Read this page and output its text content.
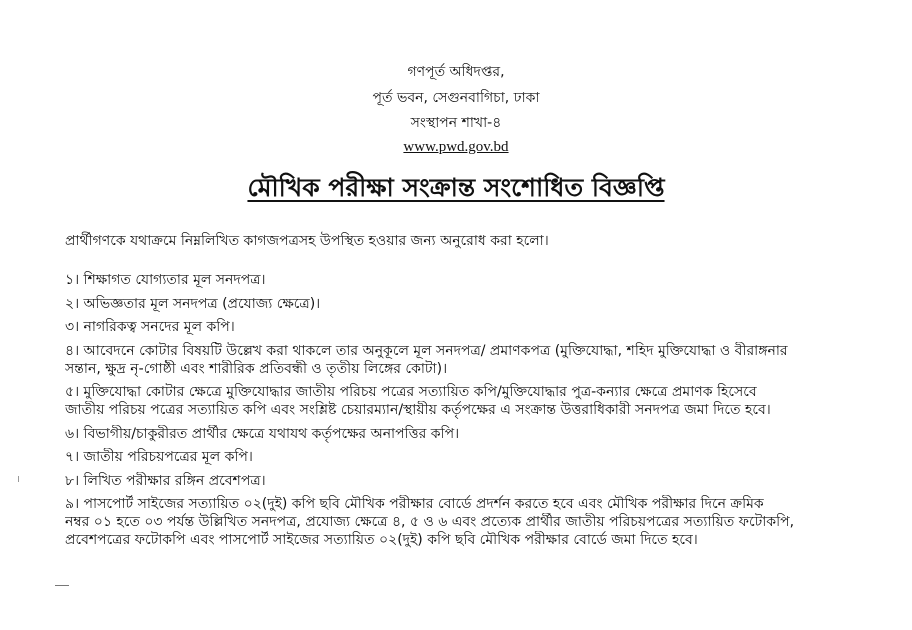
গণপূর্ত অধিদপ্তর,
পূর্ত ভবন, সেগুনবাগিচা, ঢাকা
সংস্থাপন শাখা-৪
www.pwd.gov.bd
মৌখিক পরীক্ষা সংক্রান্ত সংশোধিত বিজ্ঞপ্তি
প্রার্থীগণকে যথাক্রমে নিম্নলিখিত কাগজপত্রসহ উপস্থিত হওয়ার জন্য অনুরোধ করা হলো।
১। শিক্ষাগত যোগ্যতার মূল সনদপত্র।
২। অভিজ্ঞতার মূল সনদপত্র (প্রযোজ্য ক্ষেত্রে)।
৩। নাগরিকত্ব সনদের মূল কপি।
৪। আবেদনে কোটার বিষয়টি উল্লেখ করা থাকলে তার অনুকূলে মূল সনদপত্র/ প্রমাণকপত্র (মুক্তিযোদ্ধা, শহিদ মুক্তিযোদ্ধা ও বীরাঙ্গনার
সন্তান, ক্ষুদ্র নৃ-গোষ্ঠী এবং শারীরিক প্রতিবন্ধী ও তৃতীয় লিঙ্গের কোটা)।
৫। মুক্তিযোদ্ধা কোটার ক্ষেত্রে মুক্তিযোদ্ধার জাতীয় পরিচয় পত্রের সত্যায়িত কপি/মুক্তিযোদ্ধার পুত্র-কন্যার ক্ষেত্রে প্রমাণক হিসেবে
জাতীয় পরিচয় পত্রের সত্যায়িত কপি এবং সংশ্লিষ্ট চেয়ারম্যান/স্থায়ীয় কর্তৃপক্ষের এ সংক্রান্ত উত্তরাধিকারী সনদপত্র জমা দিতে হবে।
৬। বিভাগীয়/চাকুরীরত প্রার্থীর ক্ষেত্রে যথাযথ কর্তৃপক্ষের অনাপত্তির কপি।
৭। জাতীয় পরিচয়পত্রের মূল কপি।
৮। লিখিত পরীক্ষার রঙ্গিন প্রবেশপত্র।
৯। পাসপোর্ট সাইজের সত্যায়িত ০২(দুই) কপি ছবি মৌখিক পরীক্ষার বোর্ডে প্রদর্শন করতে হবে এবং মৌখিক পরীক্ষার দিনে ক্রমিক
নম্বর ০১ হতে ০৩ পর্যন্ত উল্লিখিত সনদপত্র, প্রযোজ্য ক্ষেত্রে ৪, ৫ ও ৬ এবং প্রত্যেক প্রার্থীর জাতীয় পরিচয়পত্রের সত্যায়িত ফটোকপি,
প্রবেশপত্রের ফটোকপি এবং পাসপোর্ট সাইজের সত্যায়িত ০২(দুই) কপি ছবি মৌখিক পরীক্ষার বোর্ডে জমা দিতে হবে।
